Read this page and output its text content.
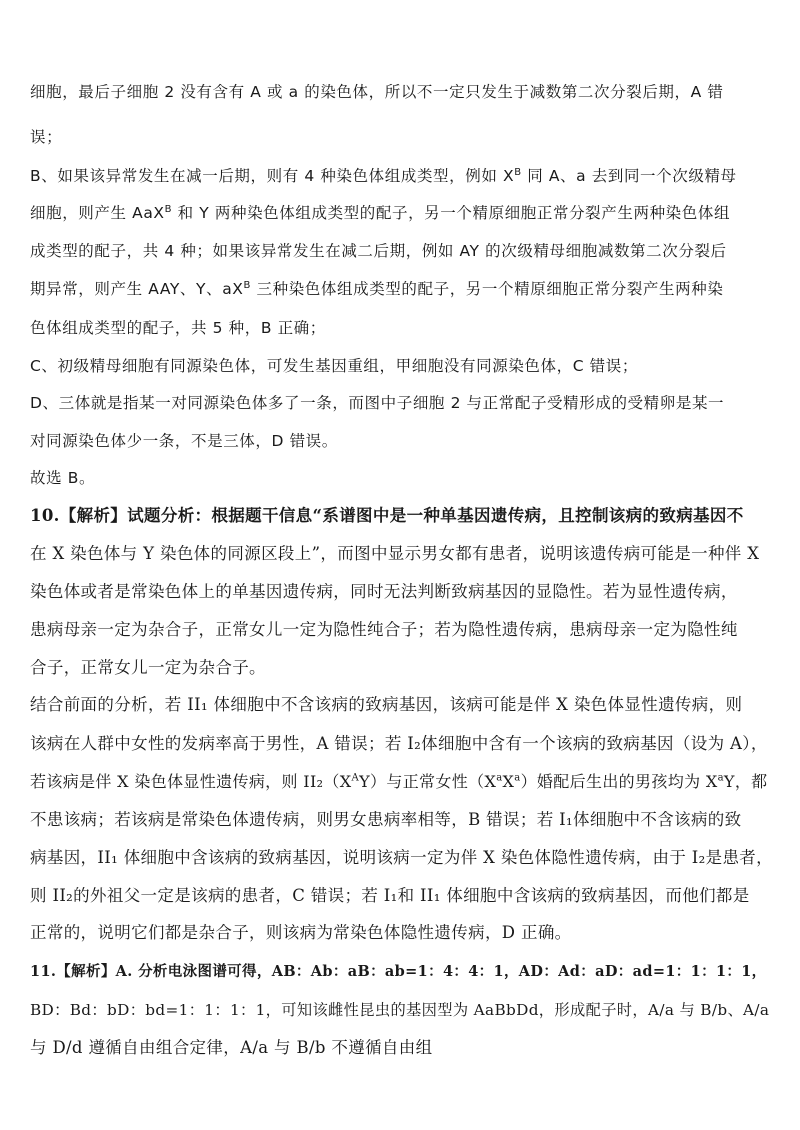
细胞，最后子细胞 2 没有含有 A 或 a 的染色体，所以不一定只发生于减数第二次分裂后期，A 错
误；
B、如果该异常发生在减一后期，则有 4 种染色体组成类型，例如 $X^B$ 同 A、a 去到同一个次级精母
细胞，则产生 AaX$^B$ 和 Y 两种染色体组成类型的配子，另一个精原细胞正常分裂产生两种染色体组
成类型的配子，共 4 种；如果该异常发生在减二后期，例如 AY 的次级精母细胞减数第二次分裂后
期异常，则产生 AAY、Y、$aX^B$ 三种染色体组成类型的配子，另一个精原细胞正常分裂产生两种染
色体组成类型的配子，共 5 种，B 正确；
C、初级精母细胞有同源染色体，可发生基因重组，甲细胞没有同源染色体，C 错误；
D、三体就是指某一对同源染色体多了一条，而图中子细胞 2 与正常配子受精形成的受精卵是某一
对同源染色体少一条，不是三体，D 错误。
故选 B。
10.【解析】试题分析：根据题干信息“系谱图中是一种单基因遗传病，且控制该病的致病基因不
在 X 染色体与 Y 染色体的同源区段上”，而图中显示男女都有患者，说明该遗传病可能是一种伴 X
染色体或者是常染色体上的单基因遗传病，同时无法判断致病基因的显隐性。若为显性遗传病，
患病母亲一定为杂合子，正常女儿一定为隐性纯合子；若为隐性遗传病，患病母亲一定为隐性纯
合子，正常女儿一定为杂合子。
结合前面的分析，若 II₁ 体细胞中不含该病的致病基因，该病可能是伴 X 染色体显性遗传病，则
该病在人群中女性的发病率高于男性，A 错误；若 I₂体细胞中含有一个该病的致病基因（设为 A），
若该病是伴 X 染色体显性遗传病，则 $II_2(X^AY)$与正常女性$(X^aX^a)$婚配后生出的男孩均为 $X^aY$，都
不患该病；若该病是常染色体遗传病，则男女患病率相等，B 错误；若 I₁体细胞中不含该病的致
病基因，II₁ 体细胞中含该病的致病基因，说明该病一定为伴 X 染色体隐性遗传病，由于 I₂是患者，
则 II₂的外祖父一定是该病的患者，C 错误；若 I₁和 II₁ 体细胞中含该病的致病基因，而他们都是
正常的，说明它们都是杂合子，则该病为常染色体隐性遗传病，D 正确。
11.【解析】A. 分析电泳图谱可得，AB：Ab：aB：ab=1：4：4：1，AD：Ad：aD：ad=1：1：1：1，
BD：Bd：bD：bd=1：1：1：1，可知该雌性昆虫的基因型为 AaBbDd，形成配子时，A/a 与 B/b、A/a
与 D/d 遵循自由组合定律，A/a 与 B/b 不遵循自由组
